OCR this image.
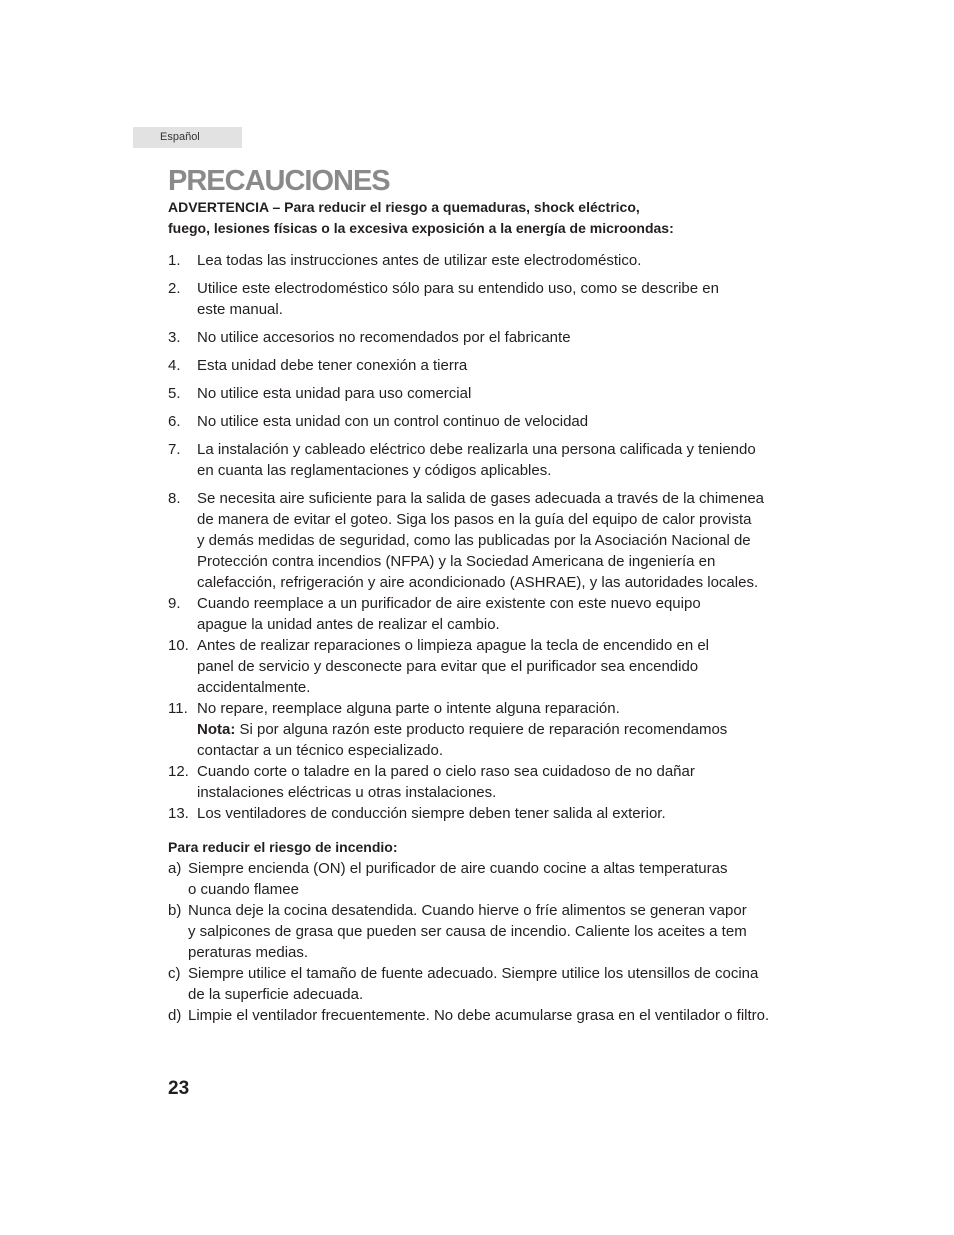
Español
PRECAUCIONES
ADVERTENCIA – Para reducir el riesgo a quemaduras, shock eléctrico,
fuego, lesiones físicas o la excesiva exposición a la energía de microondas:
1. Lea todas las instrucciones antes de utilizar este electrodoméstico.
2. Utilice este electrodoméstico sólo para su entendido uso, como se describe en
este manual.
3. No utilice accesorios no recomendados por el fabricante
4. Esta unidad debe tener conexión a tierra
5. No utilice esta unidad para uso comercial
6. No utilice esta unidad con un control continuo de velocidad
7. La instalación y cableado eléctrico debe realizarla una persona calificada y teniendo
en cuanta las reglamentaciones y códigos aplicables.
8. Se necesita aire suficiente para la salida de gases adecuada a través de la chimenea
de manera de evitar el goteo. Siga los pasos en la guía del equipo de calor provista
y demás medidas de seguridad, como las publicadas por la Asociación Nacional de
Protección contra incendios (NFPA) y la Sociedad Americana de ingeniería en
calefacción, refrigeración y aire acondicionado (ASHRAE), y las autoridades locales.
9. Cuando reemplace a un purificador de aire existente con este nuevo equipo
apague la unidad antes de realizar el cambio.
10. Antes de realizar reparaciones o limpieza apague la tecla de encendido en el
panel de servicio y desconecte para evitar que el purificador sea encendido
accidentalmente.
11. No repare, reemplace alguna parte o intente alguna reparación.
Nota: Si por alguna razón este producto requiere de reparación recomendamos
contactar a un técnico especializado.
12. Cuando corte o taladre en la pared o cielo raso sea cuidadoso de no dañar
instalaciones eléctricas u otras instalaciones.
13. Los ventiladores de conducción siempre deben tener salida al exterior.
Para reducir el riesgo de incendio:
a) Siempre encienda (ON) el purificador de aire cuando cocine a altas temperaturas
o cuando flamee
b) Nunca deje la cocina desatendida. Cuando hierve o fríe alimentos se generan vapor
y salpicones de grasa que pueden ser causa de incendio. Caliente los aceites a tem
peraturas medias.
c) Siempre utilice el tamaño de fuente adecuado. Siempre utilice los utensillos de cocina
de la superficie adecuada.
d) Limpie el ventilador frecuentemente. No debe acumularse grasa en el ventilador o filtro.
23
